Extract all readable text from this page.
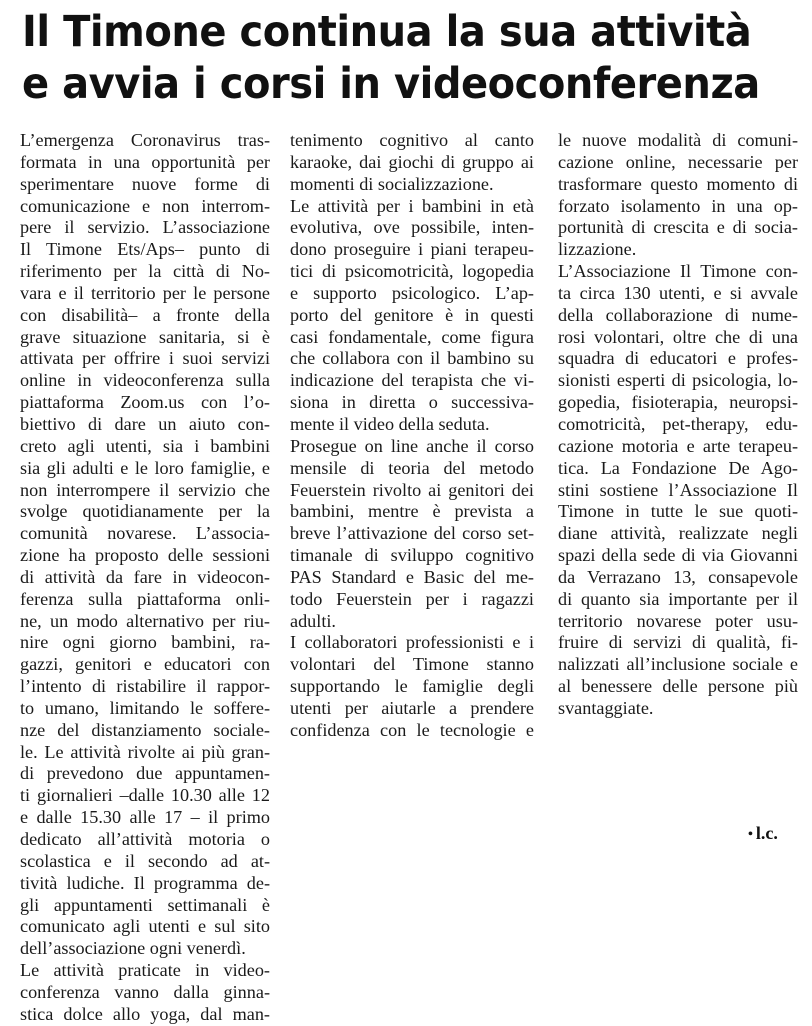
Il Timone continua la sua attività
e avvia i corsi in videoconferenza
L’emergenza Coronavirus tras-
formata in una opportunità per
sperimentare nuove forme di
comunicazione e non interrom-
pere il servizio. L’associazione
Il Timone Ets/Aps– punto di
riferimento per la città di No-
vara e il territorio per le persone
con disabilità– a fronte della
grave situazione sanitaria, si è
attivata per offrire i suoi servizi
online in videoconferenza sulla
piattaforma Zoom.us con l’o-
biettivo di dare un aiuto con-
creto agli utenti, sia i bambini
sia gli adulti e le loro famiglie, e
non interrompere il servizio che
svolge quotidianamente per la
comunità novarese. L’associa-
zione ha proposto delle sessioni
di attività da fare in videocon-
ferenza sulla piattaforma onli-
ne, un modo alternativo per riu-
nire ogni giorno bambini, ra-
gazzi, genitori e educatori con
l’intento di ristabilire il rappor-
to umano, limitando le soffere-
nze del distanziamento sociale-
le. Le attività rivolte ai più gran-
di prevedono due appuntamen-
ti giornalieri –dalle 10.30 alle 12
e dalle 15.30 alle 17 – il primo
dedicato all’attività motoria o
scolastica e il secondo ad at-
tività ludiche. Il programma de-
gli appuntamenti settimanali è
comunicato agli utenti e sul sito
dell’associazione ogni venerdì.
Le attività praticate in video-
conferenza vanno dalla ginna-
stica dolce allo yoga, dal man-
tenimento cognitivo al canto
karaoke, dai giochi di gruppo ai
momenti di socializzazione.
Le attività per i bambini in età
evolutiva, ove possibile, inten-
dono proseguire i piani terapeu-
tici di psicomotricità, logopedia
e supporto psicologico. L’ap-
porto del genitore è in questi
casi fondamentale, come figura
che collabora con il bambino su
indicazione del terapista che vi-
siona in diretta o successiva-
mente il video della seduta.
Prosegue on line anche il corso
mensile di teoria del metodo
Feuerstein rivolto ai genitori dei
bambini, mentre è prevista a
breve l’attivazione del corso set-
timanale di sviluppo cognitivo
PAS Standard e Basic del me-
todo Feuerstein per i ragazzi
adulti.
I collaboratori professionisti e i
volontari del Timone stanno
supportando le famiglie degli
utenti per aiutarle a prendere
confidenza con le tecnologie e
le nuove modalità di comuni-
cazione online, necessarie per
trasformare questo momento di
forzato isolamento in una op-
portunità di crescita e di socia-
lizzazione.
L’Associazione Il Timone con-
ta circa 130 utenti, e si avvale
della collaborazione di nume-
rosi volontari, oltre che di una
squadra di educatori e profes-
sionisti esperti di psicologia, lo-
gopedia, fisioterapia, neuropsi-
comotricità, pet-therapy, edu-
cazione motoria e arte terapeu-
tica. La Fondazione De Ago-
stini sostiene l’Associazione Il
Timone in tutte le sue quoti-
diane attività, realizzate negli
spazi della sede di via Giovanni
da Verrazano 13, consapevole
di quanto sia importante per il
territorio novarese poter usu-
fruire di servizi di qualità, fi-
nalizzati all’inclusione sociale e
al benessere delle persone più
svantaggiate.
• l.c.
